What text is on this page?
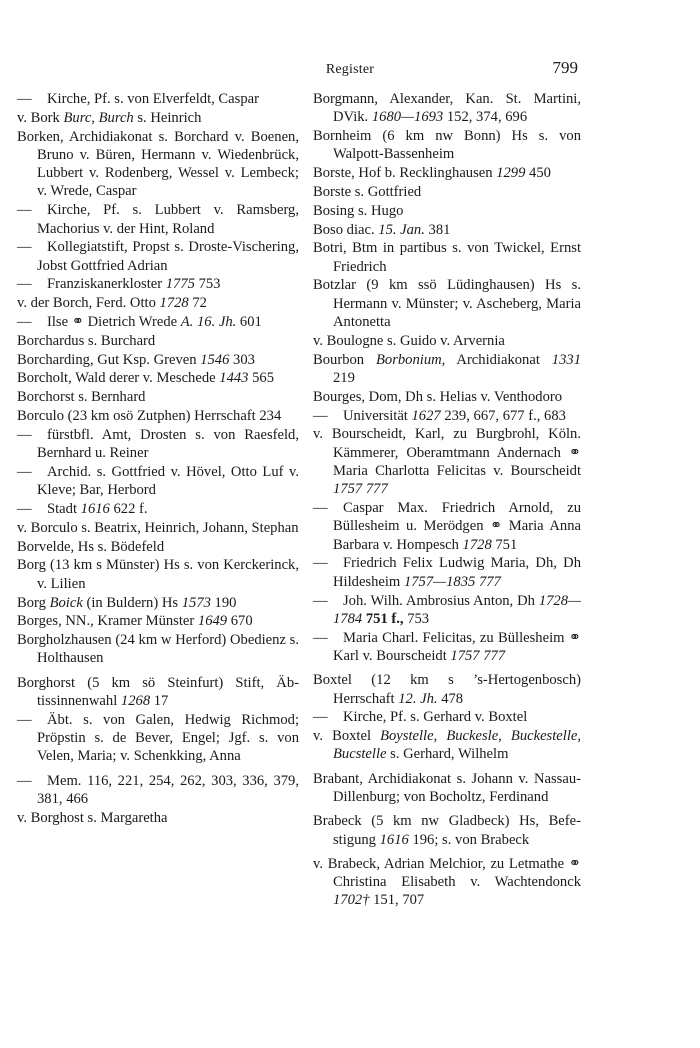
Register	799

— Kirche, Pf. s. von Elverfeldt, Caspar

v. Bork Burc, Burch s. Heinrich

Borken, Archidiakonat s. Borchard v. Boenen, Bruno v. Büren, Hermann v. Wiedenbrück, Lubbert v. Rodenberg, Wessel v. Lembeck; v. Wrede, Caspar

— Kirche, Pf. s. Lubbert v. Ramsberg, Machorius v. der Hint, Roland

— Kollegiatstift, Propst s. Droste-Vischering, Jobst Gottfried Adrian

— Franziskanerkloster 1775 753

v. der Borch, Ferd. Otto 1728 72

— Ilse ⚭ Dietrich Wrede A. 16. Jh. 601

Borchardus s. Burchard

Borcharding, Gut Ksp. Greven 1546 303

Borcholt, Wald derer v. Meschede 1443 565

Borchorst s. Bernhard

Borculo (23 km osö Zutphen) Herrschaft 234

— fürstbfl. Amt, Drosten s. von Raesfeld, Bernhard u. Reiner

— Archid. s. Gottfried v. Hövel, Otto Luf v. Kleve; Bar, Herbord

— Stadt 1616 622 f.

v. Borculo s. Beatrix, Heinrich, Johann, Stephan

Borvelde, Hs s. Bödefeld

Borg (13 km s Münster) Hs s. von Kerckerinck, v. Lilien

Borg Boick (in Buldern) Hs 1573 190

Borges, NN., Kramer Münster 1649 670

Borgholzhausen (24 km w Herford) Obedienz s. Holthausen

Borghorst (5 km sö Steinfurt) Stift, Äbtissinnenwahl 1268 17

— Äbt. s. von Galen, Hedwig Richmod; Pröpstin s. de Bever, Engel; Jgf. s. von Velen, Maria; v. Schenkking, Anna

— Mem. 116, 221, 254, 262, 303, 336, 379, 381, 466

v. Borghost s. Margaretha

Borgmann, Alexander, Kan. St. Martini, DVik. 1680—1693 152, 374, 696

Bornheim (6 km nw Bonn) Hs s. von Walpott-Bassenheim

Borste, Hof b. Recklinghausen 1299 450

Borste s. Gottfried

Bosing s. Hugo

Boso diac. 15. Jan. 381

Botri, Btm in partibus s. von Twickel, Ernst Friedrich

Botzlar (9 km ssö Lüdinghausen) Hs s. Hermann v. Münster; v. Ascheberg, Maria Antonetta

v. Boulogne s. Guido v. Arvernia

Bourbon Borbonium, Archidiakonat 1331 219

Bourges, Dom, Dh s. Helias v. Venthodoro

— Universität 1627 239, 667, 677 f., 683

v. Bourscheidt, Karl, zu Burgbrohl, Köln. Kämmerer, Oberamtmann Andernach ⚭ Maria Charlotta Felicitas v. Bourscheidt 1757 777

— Caspar Max. Friedrich Arnold, zu Büllesheim u. Merödgen ⚭ Maria Anna Barbara v. Hompesch 1728 751

— Friedrich Felix Ludwig Maria, Dh, Dh Hildesheim 1757—1835 777

— Joh. Wilh. Ambrosius Anton, Dh 1728—1784 751 f., 753

— Maria Charl. Felicitas, zu Büllesheim ⚭ Karl v. Bourscheidt 1757 777

Boxtel (12 km s ’s-Hertogenbosch) Herrschaft 12. Jh. 478

— Kirche, Pf. s. Gerhard v. Boxtel

v. Boxtel Boystelle, Buckesle, Buckestelle, Bucstelle s. Gerhard, Wilhelm

Brabant, Archidiakonat s. Johann v. Nassau-Dillenburg; von Bocholtz, Ferdinand

Brabeck (5 km nw Gladbeck) Hs, Befestigung 1616 196; s. von Brabeck

v. Brabeck, Adrian Melchior, zu Letmathe ⚭ Christina Elisabeth v. Wachtendonck 1702† 151, 707
